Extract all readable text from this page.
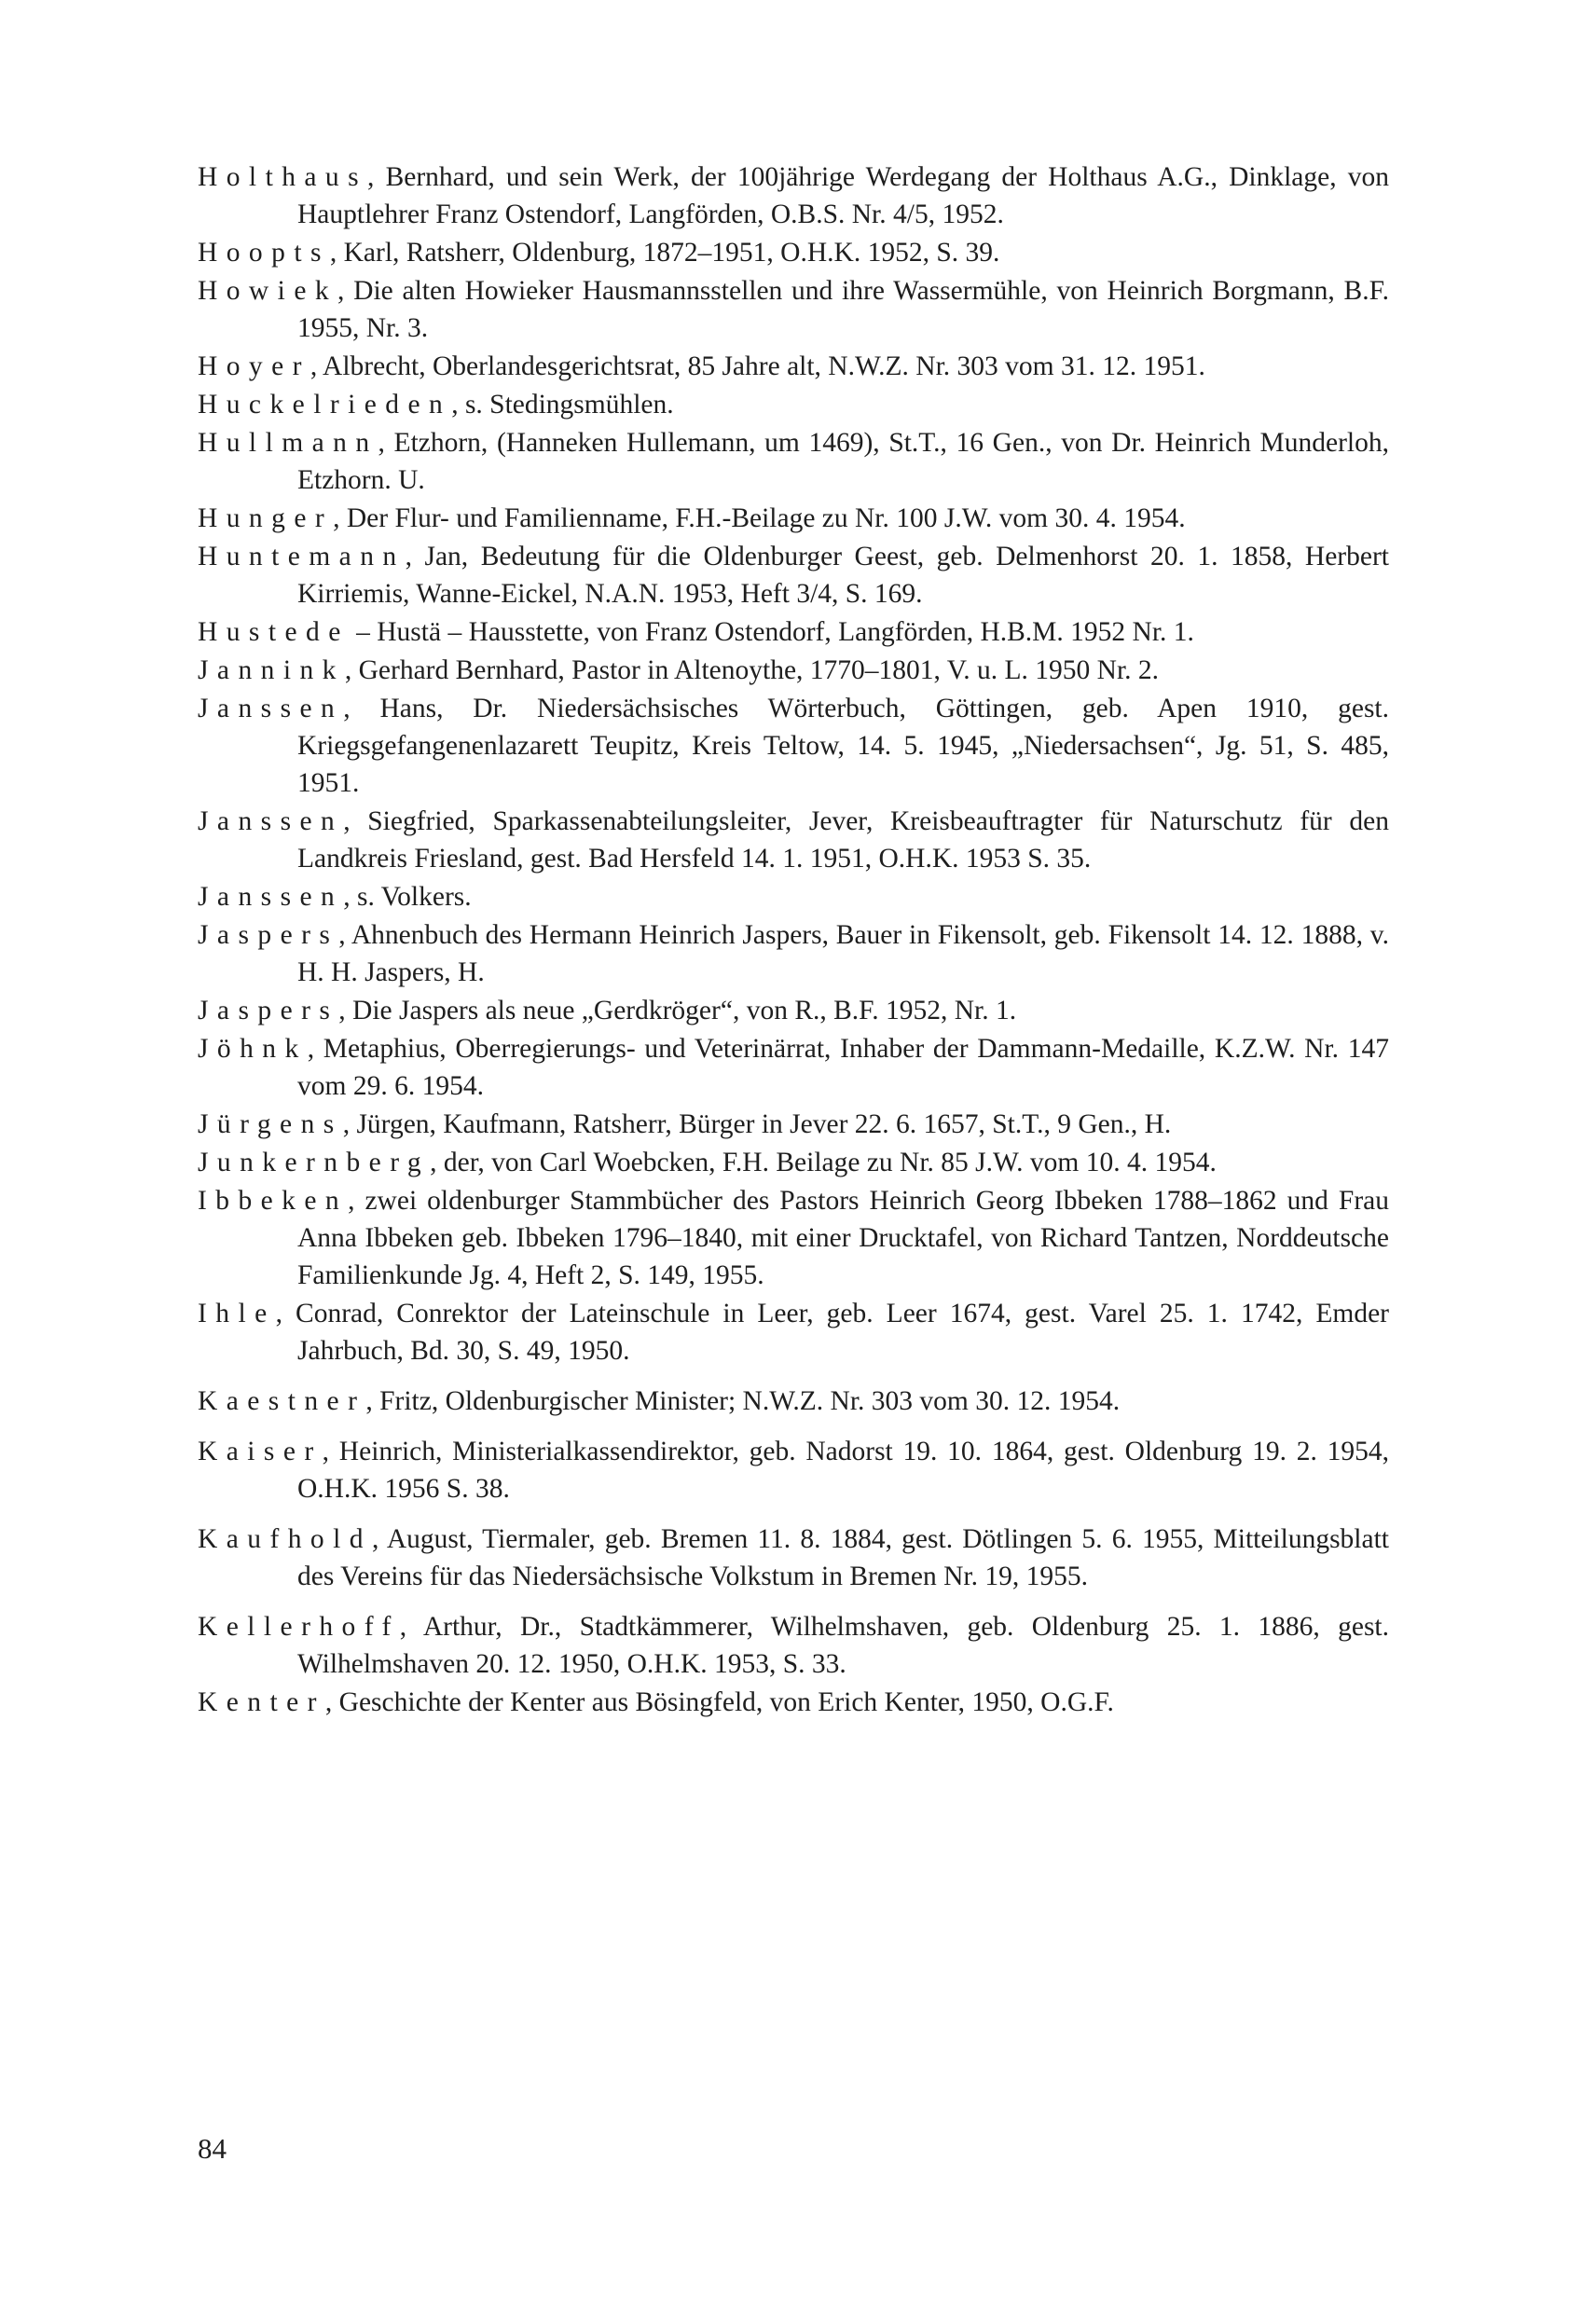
Holthaus, Bernhard, und sein Werk, der 100jährige Werdegang der Holthaus A.G., Dinklage, von Hauptlehrer Franz Ostendorf, Langförden, O.B.S. Nr. 4/5, 1952.

Hoopts, Karl, Ratsherr, Oldenburg, 1872–1951, O.H.K. 1952, S. 39.

Howiek, Die alten Howieker Hausmannsstellen und ihre Wassermühle, von Heinrich Borgmann, B.F. 1955, Nr. 3.

Hoyer, Albrecht, Oberlandesgerichtsrat, 85 Jahre alt, N.W.Z. Nr. 303 vom 31. 12. 1951.

Huckelrieden, s. Stedingsmühlen.

Hullmann, Etzhorn, (Hanneken Hullemann, um 1469), St.T., 16 Gen., von Dr. Heinrich Munderloh, Etzhorn. U.

Hunger, Der Flur- und Familienname, F.H.-Beilage zu Nr. 100 J.W. vom 30. 4. 1954.

Huntemann, Jan, Bedeutung für die Oldenburger Geest, geb. Delmenhorst 20. 1. 1858, Herbert Kirriemis, Wanne-Eickel, N.A.N. 1953, Heft 3/4, S. 169.

Hustede – Hustä – Hausstette, von Franz Ostendorf, Langförden, H.B.M. 1952 Nr. 1.

Jannink, Gerhard Bernhard, Pastor in Altenoythe, 1770–1801, V. u. L. 1950 Nr. 2.

Janssen, Hans, Dr. Niedersächsisches Wörterbuch, Göttingen, geb. Apen 1910, gest. Kriegsgefangenenlazarett Teupitz, Kreis Teltow, 14. 5. 1945, „Niedersachsen“, Jg. 51, S. 485, 1951.

Janssen, Siegfried, Sparkassenabteilungsleiter, Jever, Kreisbeauftragter für Naturschutz für den Landkreis Friesland, gest. Bad Hersfeld 14. 1. 1951, O.H.K. 1953 S. 35.

Janssen, s. Volkers.

Jaspers, Ahnenbuch des Hermann Heinrich Jaspers, Bauer in Fikensolt, geb. Fikensolt 14. 12. 1888, v. H. H. Jaspers, H.

Jaspers, Die Jaspers als neue „Gerdkröger“, von R., B.F. 1952, Nr. 1.

Jöhnk, Metaphius, Oberregierungs- und Veterinärrat, Inhaber der Dammann-Medaille, K.Z.W. Nr. 147 vom 29. 6. 1954.

Jürgens, Jürgen, Kaufmann, Ratsherr, Bürger in Jever 22. 6. 1657, St.T., 9 Gen., H.

Junkernberg, der, von Carl Woebcken, F.H. Beilage zu Nr. 85 J.W. vom 10. 4. 1954.

Ibbeken, zwei oldenburger Stammbücher des Pastors Heinrich Georg Ibbeken 1788–1862 und Frau Anna Ibbeken geb. Ibbeken 1796–1840, mit einer Drucktafel, von Richard Tantzen, Norddeutsche Familienkunde Jg. 4, Heft 2, S. 149, 1955.

Ihle, Conrad, Conrektor der Lateinschule in Leer, geb. Leer 1674, gest. Varel 25. 1. 1742, Emder Jahrbuch, Bd. 30, S. 49, 1950.

Kaestner, Fritz, Oldenburgischer Minister; N.W.Z. Nr. 303 vom 30. 12. 1954.

Kaiser, Heinrich, Ministerialkassendirektor, geb. Nadorst 19. 10. 1864, gest. Oldenburg 19. 2. 1954, O.H.K. 1956 S. 38.

Kaufhold, August, Tiermaler, geb. Bremen 11. 8. 1884, gest. Dötlingen 5. 6. 1955, Mitteilungsblatt des Vereins für das Niedersächsische Volkstum in Bremen Nr. 19, 1955.

Kellerhoff, Arthur, Dr., Stadtkämmerer, Wilhelmshaven, geb. Oldenburg 25. 1. 1886, gest. Wilhelmshaven 20. 12. 1950, O.H.K. 1953, S. 33.

Kenter, Geschichte der Kenter aus Bösingfeld, von Erich Kenter, 1950, O.G.F.

84
